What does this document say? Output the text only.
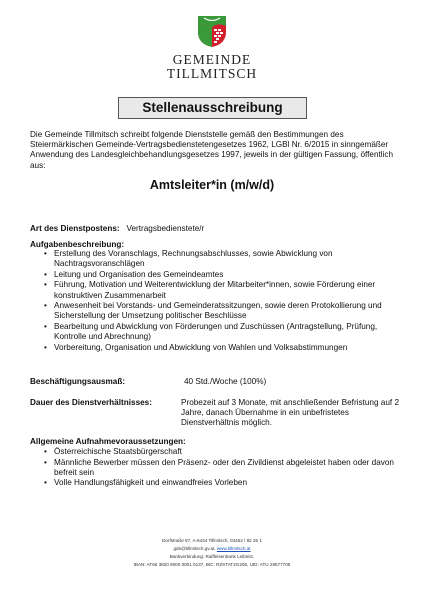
GEMEINDE
TILLMITSCH
Stellenausschreibung

Die Gemeinde Tillmitsch schreibt folgende Dienststelle gemäß den Bestimmungen des Steiermärkischen Gemeinde-Vertragsbedienstetengesetzes 1962, LGBl Nr. 6/2015 in sinngemäßer Anwendung des Landesgleichbehandlungsgesetzes 1997, jeweils in der gültigen Fassung, öffentlich aus:

Amtsleiter*in (m/w/d)
Art des Dienstpostens: Vertragsbedienstete/r
Aufgabenbeschreibung:
• Erstellung des Voranschlags, Rechnungsabschlusses, sowie Abwicklung von Nachtragsvoranschlägen
• Leitung und Organisation des Gemeindeamtes
• Führung, Motivation und Weiterentwicklung der Mitarbeiter*innen, sowie Förderung einer konstruktiven Zusammenarbeit
• Anwesenheit bei Vorstands- und Gemeinderatssitzungen, sowie deren Protokollierung und Sicherstellung der Umsetzung politischer Beschlüsse
• Bearbeitung und Abwicklung von Förderungen und Zuschüssen (Antragstellung, Prüfung, Kontrolle und Abrechnung)
• Vorbereitung, Organisation und Abwicklung von Wahlen und Volksabstimmungen
Beschäftigungsausmaß:	40 Std./Woche (100%)
Dauer des Dienstverhältnisses:	Probezeit auf 3 Monate, mit anschließender Befristung auf 2 Jahre, danach Übernahme in ein unbefristetes Dienstverhältnis möglich.
Allgemeine Aufnahmevoraussetzungen:
• Österreichische Staatsbürgerschaft
• Männliche Bewerber müssen den Präsenz- oder den Zivildienst abgeleistet haben oder davon befreit sein
• Volle Handlungsfähigkeit und einwandfreies Vorleben
Dorfstraße 87, A-8434 Tillmitsch, 03452 / 82 26 1
gde@tillmitsch.gv.at, www.tillmitsch.at
Bankverbindung: Raiffeisenbank Leibnitz,
IBAN: AT66 3820 6000 0001 0137, BIC: RZSTAT2G206, UID: ATU 28577705
